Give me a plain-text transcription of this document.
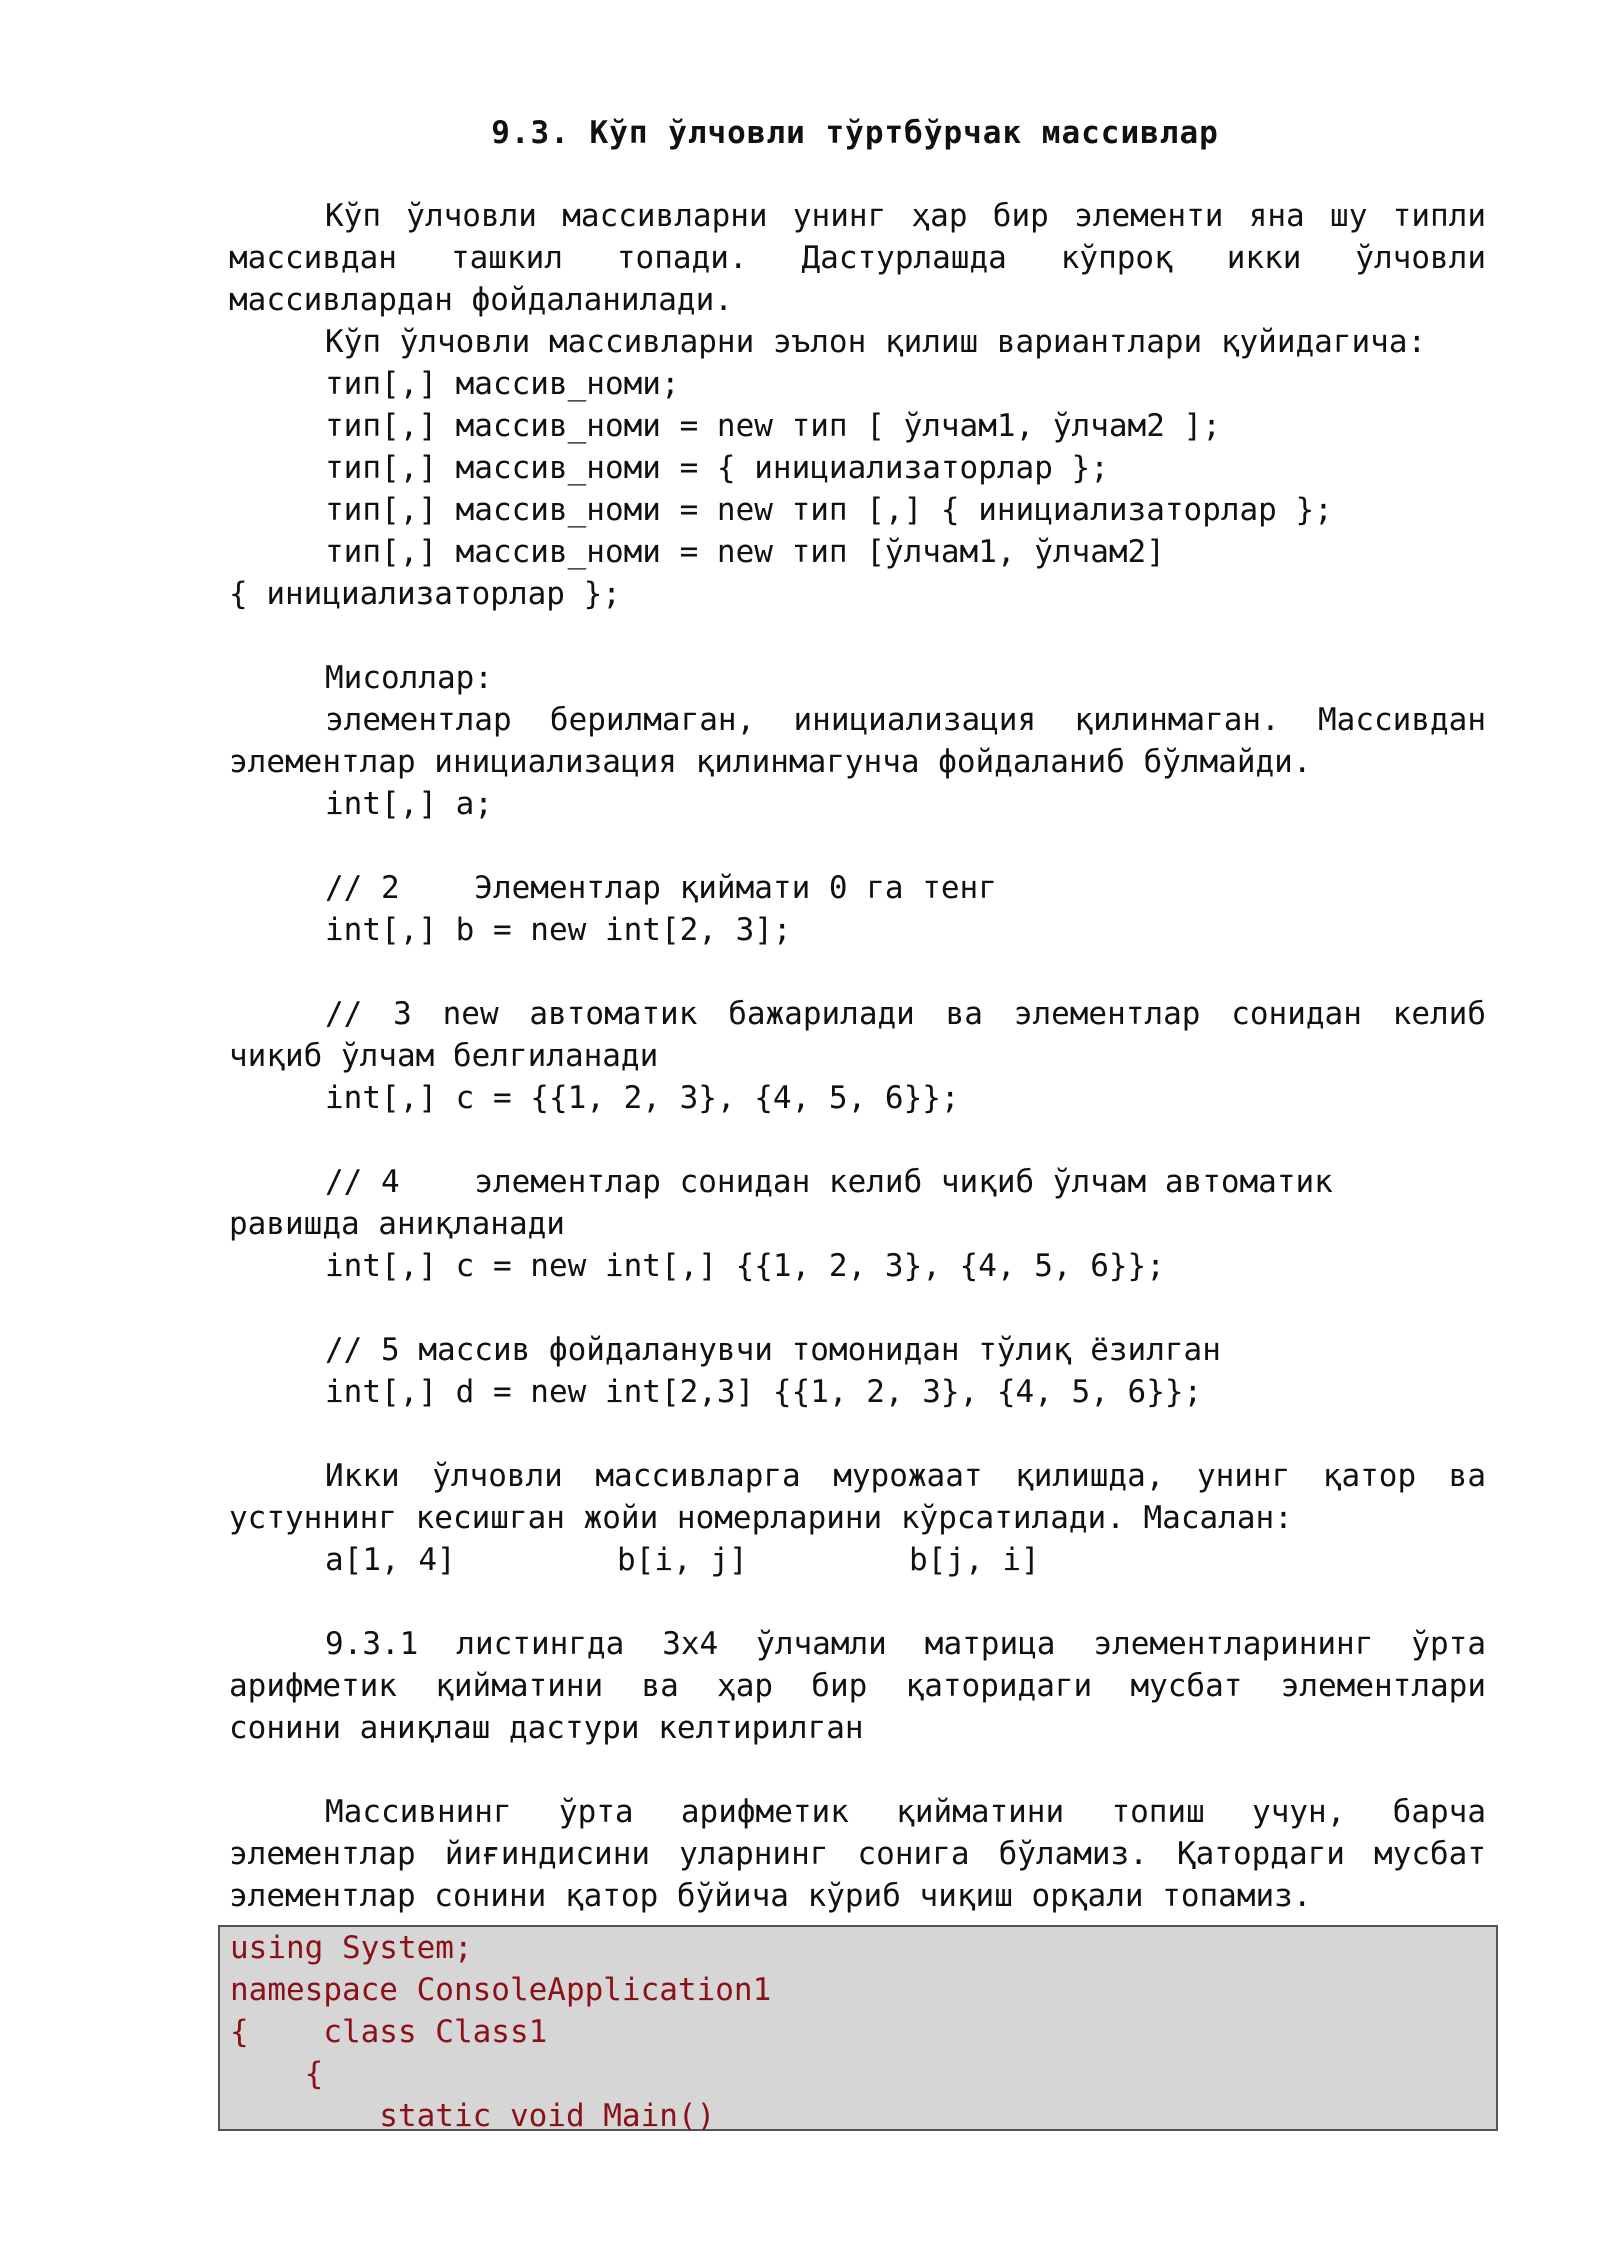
9.3. Кўп ўлчовли тўртбўрчак массивлар
Кўп ўлчовли массивларни унинг ҳар бир элементи яна шу типли
массивдан ташкил топади. Дастурлашда кўпроқ икки ўлчовли
массивлардан фойдаланилади.
Кўп ўлчовли массивларни эълон қилиш вариантлари қуйидагича:
тип[,] массив_номи;
тип[,] массив_номи = new тип [ ўлчам1, ўлчам2 ];
тип[,] массив_номи = { инициализаторлар };
тип[,] массив_номи = new тип [,] { инициализаторлар };
тип[,] массив_номи = new тип [ўлчам1, ўлчам2]
{ инициализаторлар };
Мисоллар:
элементлар берилмаган, инициализация қилинмаган. Массивдан
элементлар инициализация қилинмагунча фойдаланиб бўлмайди.
int[,] a;
// 2    Элементлар қиймати 0 га тенг
int[,] b = new int[2, 3];
// 3 new автоматик бажарилади ва элементлар сонидан келиб
чиқиб ўлчам белгиланади
int[,] c = {{1, 2, 3}, {4, 5, 6}};
// 4    элементлар сонидан келиб чиқиб ўлчам автоматик
равишда аниқланади
int[,] c = new int[,] {{1, 2, 3}, {4, 5, 6}};
// 5 массив фойдаланувчи томонидан тўлиқ ёзилган
int[,] d = new int[2,3] {{1, 2, 3}, {4, 5, 6}};
Икки ўлчовли массивларга мурожаат қилишда, унинг қатор ва
устуннинг кесишган жойи номерларини кўрсатилади. Масалан:
a[1, 4]	b[i, j]	b[j, i]
9.3.1 листингда 3x4 ўлчамли матрица элементларининг ўрта
арифметик қийматини ва ҳар бир қаторидаги мусбат элементлари
сонини аниқлаш дастури келтирилган
Массивнинг ўрта арифметик қийматини топиш учун, барча
элементлар йиғиндисини уларнинг сонига бўламиз. Қатордаги мусбат
элементлар сонини қатор бўйича кўриб чиқиш орқали топамиз.
using System;
namespace ConsoleApplication1
{    class Class1
{
static void Main()
